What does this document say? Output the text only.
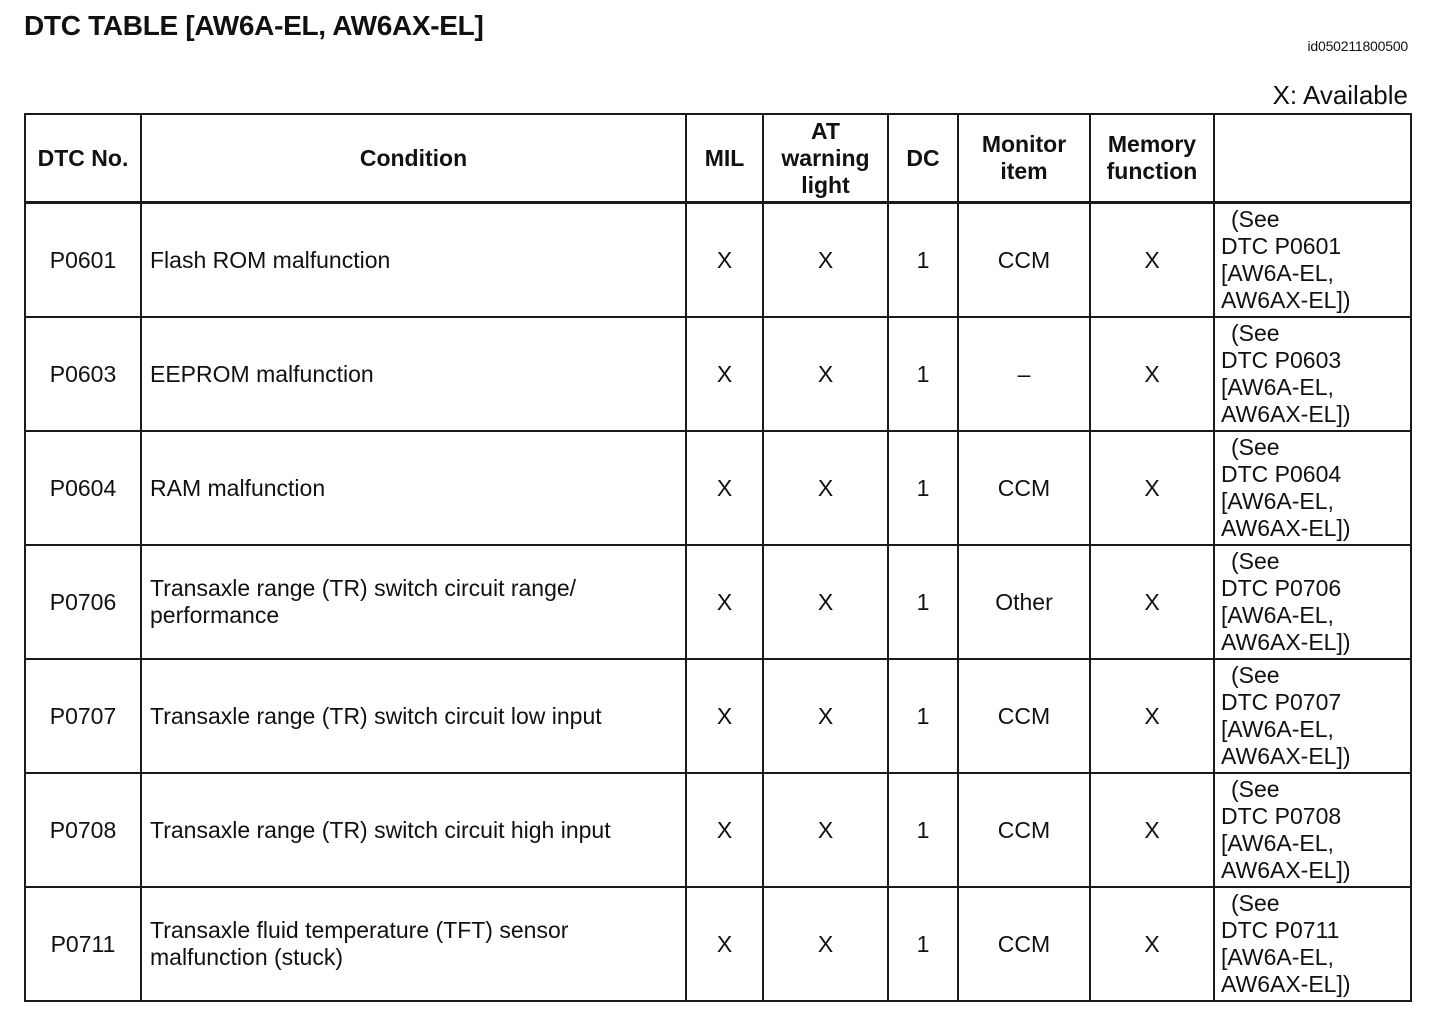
DTC TABLE [AW6A-EL, AW6AX-EL]
id050211800500
X: Available
DTC No.	Condition	MIL	AT
warning
light	DC	Monitor
item	Memory
function	

P0601	Flash ROM malfunction	X	X	1	CCM	X	(See
DTC P0601
[AW6A-EL,
AW6AX-EL])

P0603	EEPROM malfunction	X	X	1	–	X	(See
DTC P0603
[AW6A-EL,
AW6AX-EL])

P0604	RAM malfunction	X	X	1	CCM	X	(See
DTC P0604
[AW6A-EL,
AW6AX-EL])

P0706	Transaxle range (TR) switch circuit range/ performance	X	X	1	Other	X	(See
DTC P0706
[AW6A-EL,
AW6AX-EL])

P0707	Transaxle range (TR) switch circuit low input	X	X	1	CCM	X	(See
DTC P0707
[AW6A-EL,
AW6AX-EL])

P0708	Transaxle range (TR) switch circuit high input	X	X	1	CCM	X	(See
DTC P0708
[AW6A-EL,
AW6AX-EL])

P0711	Transaxle fluid temperature (TFT) sensor malfunction (stuck)	X	X	1	CCM	X	(See
DTC P0711
[AW6A-EL,
AW6AX-EL])
